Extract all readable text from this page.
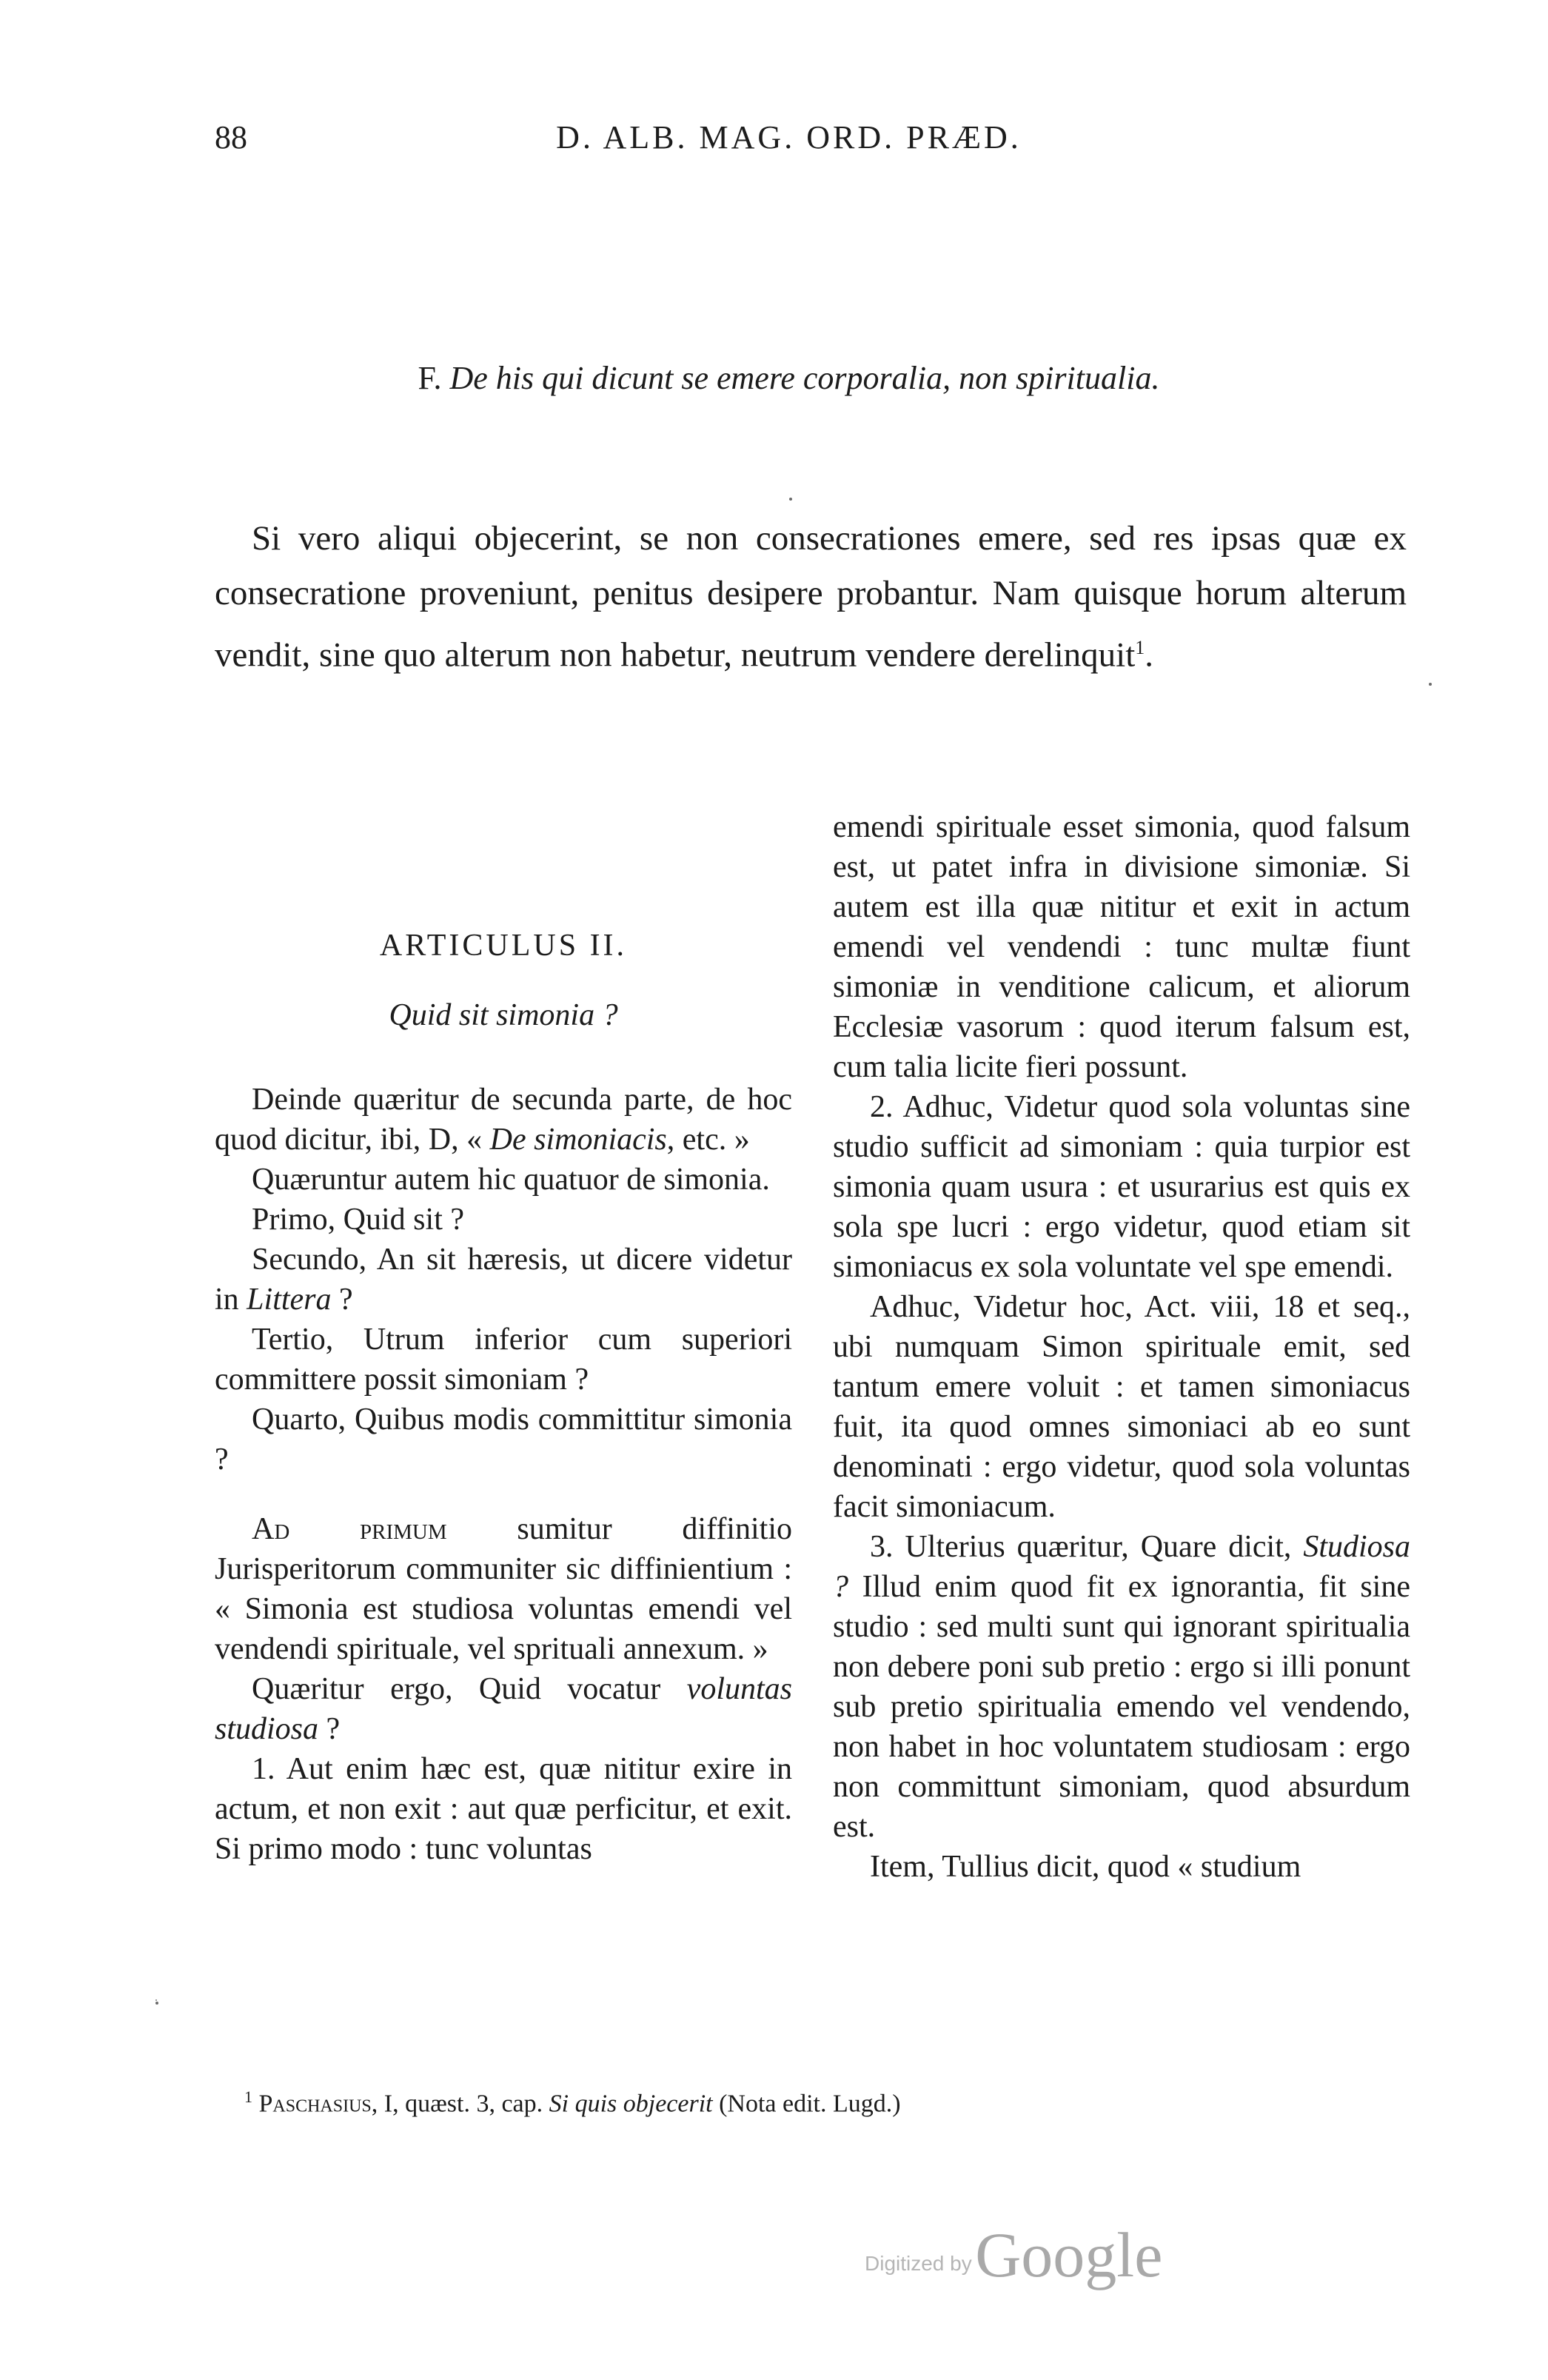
88	D. ALB. MAG. ORD. PRÆD.
F. De his qui dicunt se emere corporalia, non spiritualia.

Si vero aliqui objecerint, se non consecrationes emere, sed res ipsas quæ ex consecratione proveniunt, penitus desipere probantur. Nam quisque horum alterum vendit, sine quo alterum non habetur, neutrum vendere derelinquit$^1$.

ARTICULUS II.
Quid sit simonia ?

Deinde quæritur de secunda parte, de hoc quod dicitur, ibi, D, « De simoniacis, etc. »

Quæruntur autem hic quatuor de simonia.

Primo, Quid sit ?

Secundo, An sit hæresis, ut dicere videtur in Littera ?

Tertio, Utrum inferior cum superiori committere possit simoniam ?

Quarto, Quibus modis committitur simonia ?

Ad primum sumitur diffinitio Jurisperitorum communiter sic diffinientium : « Simonia est studiosa voluntas emendi vel vendendi spirituale, vel sprituali annexum. »

Quæritur ergo, Quid vocatur voluntas studiosa ?

1. Aut enim hæc est, quæ nititur exire in actum, et non exit : aut quæ perficitur, et exit. Si primo modo : tunc voluntas

emendi spirituale esset simonia, quod falsum est, ut patet infra in divisione simoniæ. Si autem est illa quæ nititur et exit in actum emendi vel vendendi : tunc multæ fiunt simoniæ in venditione calicum, et aliorum Ecclesiæ vasorum : quod iterum falsum est, cum talia licite fieri possunt.

2. Adhuc, Videtur quod sola voluntas sine studio sufficit ad simoniam : quia turpior est simonia quam usura : et usurarius est quis ex sola spe lucri : ergo videtur, quod etiam sit simoniacus ex sola voluntate vel spe emendi.

Adhuc, Videtur hoc, Act. viii, 18 et seq., ubi numquam Simon spirituale emit, sed tantum emere voluit : et tamen simoniacus fuit, ita quod omnes simoniaci ab eo sunt denominati : ergo videtur, quod sola voluntas facit simoniacum.

3. Ulterius quæritur, Quare dicit, Studiosa ? Illud enim quod fit ex ignorantia, fit sine studio : sed multi sunt qui ignorant spiritualia non debere poni sub pretio : ergo si illi ponunt sub pretio spiritualia emendo vel vendendo, non habet in hoc voluntatem studiosam : ergo non committunt simoniam, quod absurdum est.

Item, Tullius dicit, quod « studium

$^1$ Paschasius, I, quæst. 3, cap. Si quis objecerit (Nota edit. Lugd.)
Digitized by Google
